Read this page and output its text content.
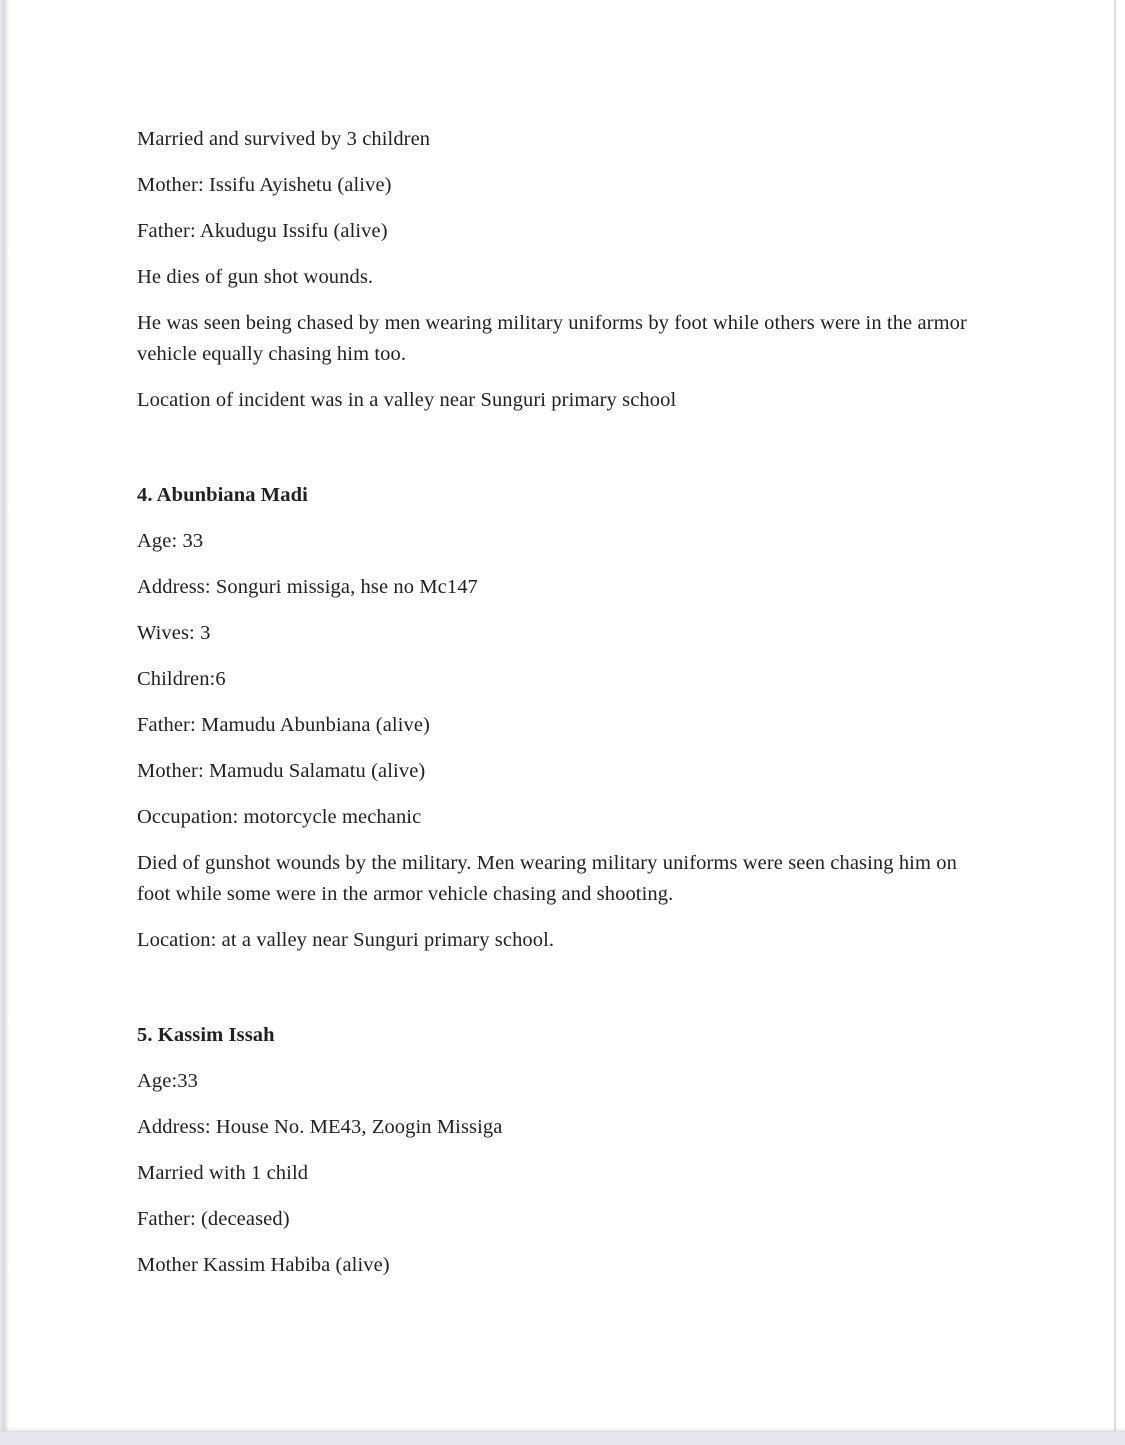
Married and survived by 3 children

Mother: Issifu Ayishetu (alive)

Father: Akudugu Issifu (alive)

He dies of gun shot wounds.

He was seen being chased by men wearing military uniforms by foot while others were in the armor vehicle equally chasing him too.

Location of incident was in a valley near Sunguri primary school

4. Abunbiana Madi

Age: 33

Address: Songuri missiga, hse no Mc147

Wives: 3

Children:6

Father: Mamudu Abunbiana (alive)

Mother: Mamudu Salamatu (alive)

Occupation: motorcycle mechanic

Died of gunshot wounds by the military. Men wearing military uniforms were seen chasing him on foot while some were in the armor vehicle chasing and shooting.

Location: at a valley near Sunguri primary school.

5. Kassim Issah

Age:33

Address: House No. ME43, Zoogin Missiga

Married with 1 child

Father: (deceased)

Mother Kassim Habiba (alive)
